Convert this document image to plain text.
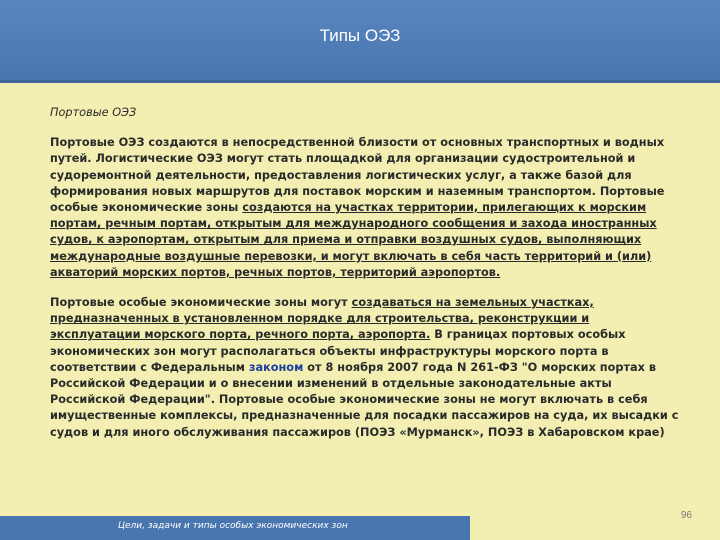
Типы ОЭЗ
Портовые ОЭЗ

Портовые ОЭЗ создаются в непосредственной близости от основных транспортных и водных путей. Логистические ОЭЗ могут стать площадкой для организации судостроительной и судоремонтной деятельности, предоставления логистических услуг, а также базой для формирования новых маршрутов для поставок морским и наземным транспортом. Портовые особые экономические зоны создаются на участках территории, прилегающих к морским портам, речным портам, открытым для международного сообщения и захода иностранных судов, к аэропортам, открытым для приема и отправки воздушных судов, выполняющих международные воздушные перевозки, и могут включать в себя часть территорий и (или) акваторий морских портов, речных портов, территорий аэропортов.

Портовые особые экономические зоны могут создаваться на земельных участках, предназначенных в установленном порядке для строительства, реконструкции и эксплуатации морского порта, речного порта, аэропорта. В границах портовых особых экономических зон могут располагаться объекты инфраструктуры морского порта в соответствии с Федеральным законом от 8 ноября 2007 года N 261-ФЗ "О морских портах в Российской Федерации и о внесении изменений в отдельные законодательные акты Российской Федерации". Портовые особые экономические зоны не могут включать в себя имущественные комплексы, предназначенные для посадки пассажиров на суда, их высадки с судов и для иного обслуживания пассажиров (ПОЭЗ «Мурманск», ПОЭЗ в Хабаровском крае)

96
Цели, задачи и типы особых экономических зон
